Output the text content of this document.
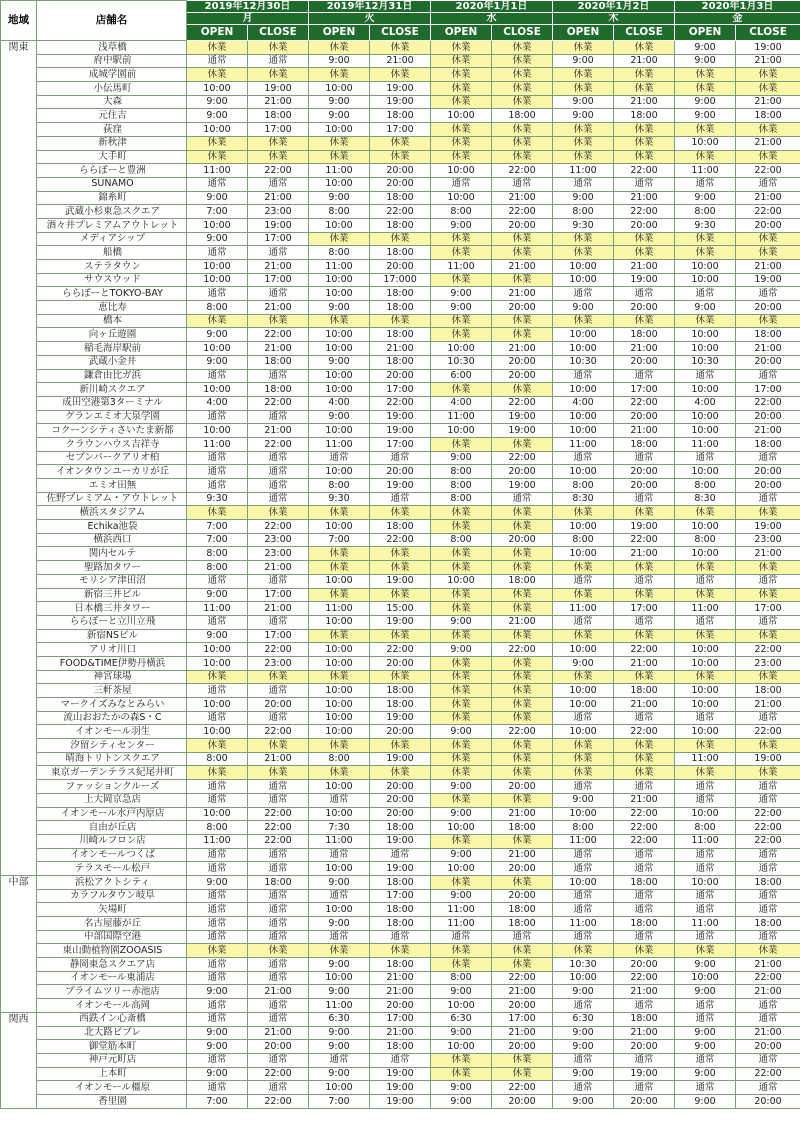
地域	店舗名	2019年12月30日		2019年12月31日		2020年1月1日		2020年1月2日		2020年1月3日	
		月		火		水		木		金	
		OPEN	CLOSE	OPEN	CLOSE	OPEN	CLOSE	OPEN	CLOSE	OPEN	CLOSE
関東	浅草橋	休業	休業	休業	休業	休業	休業	休業	休業	9:00	19:00
	府中駅前	通常	通常	9:00	21:00	休業	休業	9:00	21:00	9:00	21:00
	成城学園前	休業	休業	休業	休業	休業	休業	休業	休業	休業	休業
	小伝馬町	10:00	19:00	10:00	19:00	休業	休業	休業	休業	休業	休業
	大森	9:00	21:00	9:00	19:00	休業	休業	9:00	21:00	9:00	21:00
	元住吉	9:00	18:00	9:00	18:00	10:00	18:00	9:00	18:00	9:00	18:00
	荻窪	10:00	17:00	10:00	17:00	休業	休業	休業	休業	休業	休業
	新秋津	休業	休業	休業	休業	休業	休業	休業	休業	10:00	21:00
	大手町	休業	休業	休業	休業	休業	休業	休業	休業	休業	休業
	ららぽーと豊洲	11:00	22:00	11:00	20:00	10:00	22:00	11:00	22:00	11:00	22:00
	SUNAMO	通常	通常	10:00	20:00	通常	通常	通常	通常	通常	通常
	錦糸町	9:00	21:00	9:00	18:00	10:00	21:00	9:00	21:00	9:00	21:00
	武蔵小杉東急スクエア	7:00	23:00	8:00	22:00	8:00	22:00	8:00	22:00	8:00	22:00
	酒々井プレミアムアウトレット	10:00	19:00	10:00	18:00	9:00	20:00	9:30	20:00	9:30	20:00
	メディアシップ	9:00	17:00	休業	休業	休業	休業	休業	休業	休業	休業
	船橋	通常	通常	8:00	18:00	休業	休業	休業	休業	休業	休業
	ステラタウン	10:00	21:00	11:00	20:00	11:00	21:00	10:00	21:00	10:00	21:00
	サウスウッド	10:00	17:00	10:00	17:000	休業	休業	10:00	19:00	10:00	19:00
	ららぽーとTOKYO-BAY	通常	通常	10:00	18:00	9:00	21:00	通常	通常	通常	通常
	恵比寿	8:00	21:00	9:00	18:00	9:00	20:00	9:00	20:00	9:00	20:00
	橋本	休業	休業	休業	休業	休業	休業	休業	休業	休業	休業
	向ヶ丘遊園	9:00	22:00	10:00	18:00	休業	休業	10:00	18:00	10:00	18:00
	稲毛海岸駅前	10:00	21:00	10:00	21:00	10:00	21:00	10:00	21:00	10:00	21:00
	武蔵小金井	9:00	18:00	9:00	18:00	10:30	20:00	10:30	20:00	10:30	20:00
	鎌倉由比ガ浜	通常	通常	10:00	20:00	6:00	20:00	通常	通常	通常	通常
	新川崎スクエア	10:00	18:00	10:00	17:00	休業	休業	10:00	17:00	10:00	17:00
	成田空港第3ターミナル	4:00	22:00	4:00	22:00	4:00	22:00	4:00	22:00	4:00	22:00
	グランエミオ大泉学園	通常	通常	9:00	19:00	11:00	19:00	10:00	20:00	10:00	20:00
	コクーンシティさいたま新都	10:00	21:00	10:00	19:00	10:00	19:00	10:00	21:00	10:00	21:00
	クラウンハウス吉祥寺	11:00	22:00	11:00	17:00	休業	休業	11:00	18:00	11:00	18:00
	セブンパークアリオ柏	通常	通常	通常	通常	9:00	22:00	通常	通常	通常	通常
	イオンタウンユーカリが丘	通常	通常	10:00	20:00	8:00	20:00	10:00	20:00	10:00	20:00
	エミオ田無	通常	通常	8:00	19:00	8:00	19:00	8:00	20:00	8:00	20:00
	佐野プレミアム・アウトレット	9:30	通常	9:30	通常	8:00	通常	8:30	通常	8:30	通常
	横浜スタジアム	休業	休業	休業	休業	休業	休業	休業	休業	休業	休業
	Echika池袋	7:00	22:00	10:00	18:00	休業	休業	10:00	19:00	10:00	19:00
	横浜西口	7:00	23:00	7:00	22:00	8:00	20:00	8:00	22:00	8:00	23:00
	関内セルテ	8:00	23:00	休業	休業	休業	休業	10:00	21:00	10:00	21:00
	聖路加タワー	8:00	21:00	休業	休業	休業	休業	休業	休業	休業	休業
	モリシア津田沼	通常	通常	10:00	19:00	10:00	18:00	通常	通常	通常	通常
	新宿三井ビル	9:00	17:00	休業	休業	休業	休業	休業	休業	休業	休業
	日本橋三井タワー	11:00	21:00	11:00	15:00	休業	休業	11:00	17:00	11:00	17:00
	ららぽーと立川立飛	通常	通常	10:00	19:00	9:00	21:00	通常	通常	通常	通常
	新宿NSビル	9:00	17:00	休業	休業	休業	休業	休業	休業	休業	休業
	アリオ川口	10:00	22:00	10:00	22:00	9:00	22:00	10:00	22:00	10:00	22:00
	FOOD&TIME伊勢丹横浜	10:00	23:00	10:00	20:00	休業	休業	9:00	21:00	10:00	23:00
	神宮球場	休業	休業	休業	休業	休業	休業	休業	休業	休業	休業
	三軒茶屋	通常	通常	10:00	18:00	休業	休業	10:00	18:00	10:00	18:00
	マークイズみなとみらい	10:00	20:00	10:00	18:00	休業	休業	10:00	21:00	10:00	21:00
	流山おおたかの森S・C	通常	通常	10:00	19:00	休業	休業	通常	通常	通常	通常
	イオンモール羽生	10:00	22:00	10:00	20:00	9:00	22:00	10:00	22:00	10:00	22:00
	汐留シティセンター	休業	休業	休業	休業	休業	休業	休業	休業	休業	休業
	晴海トリトンスクエア	8:00	21:00	8:00	19:00	休業	休業	休業	休業	11:00	19:00
	東京ガーデンテラス紀尾井町	休業	休業	休業	休業	休業	休業	休業	休業	休業	休業
	ファッションクルーズ	通常	通常	10:00	20:00	9:00	20:00	通常	通常	通常	通常
	上大岡京急店	通常	通常	通常	20:00	休業	休業	9:00	21:00	通常	通常
	イオンモール水戸内原店	10:00	22:00	10:00	20:00	9:00	21:00	10:00	22:00	10:00	22:00
	自由が丘店	8:00	22:00	7:30	18:00	10:00	18:00	8:00	22:00	8:00	22:00
	川崎ルフロン店	11:00	22:00	11:00	19:00	休業	休業	11:00	22:00	11:00	22:00
	イオンモールつくば	通常	通常	通常	通常	9:00	21:00	通常	通常	通常	通常
	テラスモール松戸	通常	通常	10:00	19:00	10:00	20:00	通常	通常	通常	通常
中部	浜松アクトシティ	9:00	18:00	9:00	18:00	休業	休業	10:00	18:00	10:00	18:00
	カラフルタウン岐阜	通常	通常	通常	17:00	9:00	20:00	通常	通常	通常	通常
	矢場町	通常	通常	10:00	18:00	11:00	18:00	通常	通常	通常	通常
	名古屋藤が丘	通常	通常	9:00	18:00	11:00	18:00	11:00	18:00	11:00	18:00
	中部国際空港	通常	通常	通常	通常	通常	通常	通常	通常	通常	通常
	東山動植物園ZOOASIS	休業	休業	休業	休業	休業	休業	休業	休業	休業	休業
	静岡東急スクエア店	通常	通常	9:00	18:00	休業	休業	10:30	20:00	9:00	21:00
	イオンモール東浦店	通常	通常	10:00	21:00	8:00	22:00	10:00	22:00	10:00	22:00
	プライムツリー赤池店	9:00	21:00	9:00	21:00	9:00	21:00	9:00	21:00	9:00	21:00
	イオンモール高岡	通常	通常	11:00	20:00	10:00	20:00	通常	通常	通常	通常
関西	西鉄イン心斎橋	通常	通常	6:30	17:00	6:30	17:00	6:30	18:00	通常	通常
	北大路ビブレ	9:00	21:00	9:00	21:00	9:00	21:00	9:00	21:00	9:00	21:00
	御堂筋本町	9:00	20:00	9:00	18:00	10:00	20:00	9:00	20:00	9:00	20:00
	神戸元町店	通常	通常	通常	通常	休業	休業	通常	通常	通常	通常
	上本町	9:00	22:00	9:00	19:00	休業	休業	9:00	19:00	9:00	22:00
	イオンモール橿原	通常	通常	10:00	19:00	9:00	22:00	通常	通常	通常	通常
	香里園	7:00	22:00	7:00	19:00	9:00	20:00	9:00	20:00	9:00	20:00
